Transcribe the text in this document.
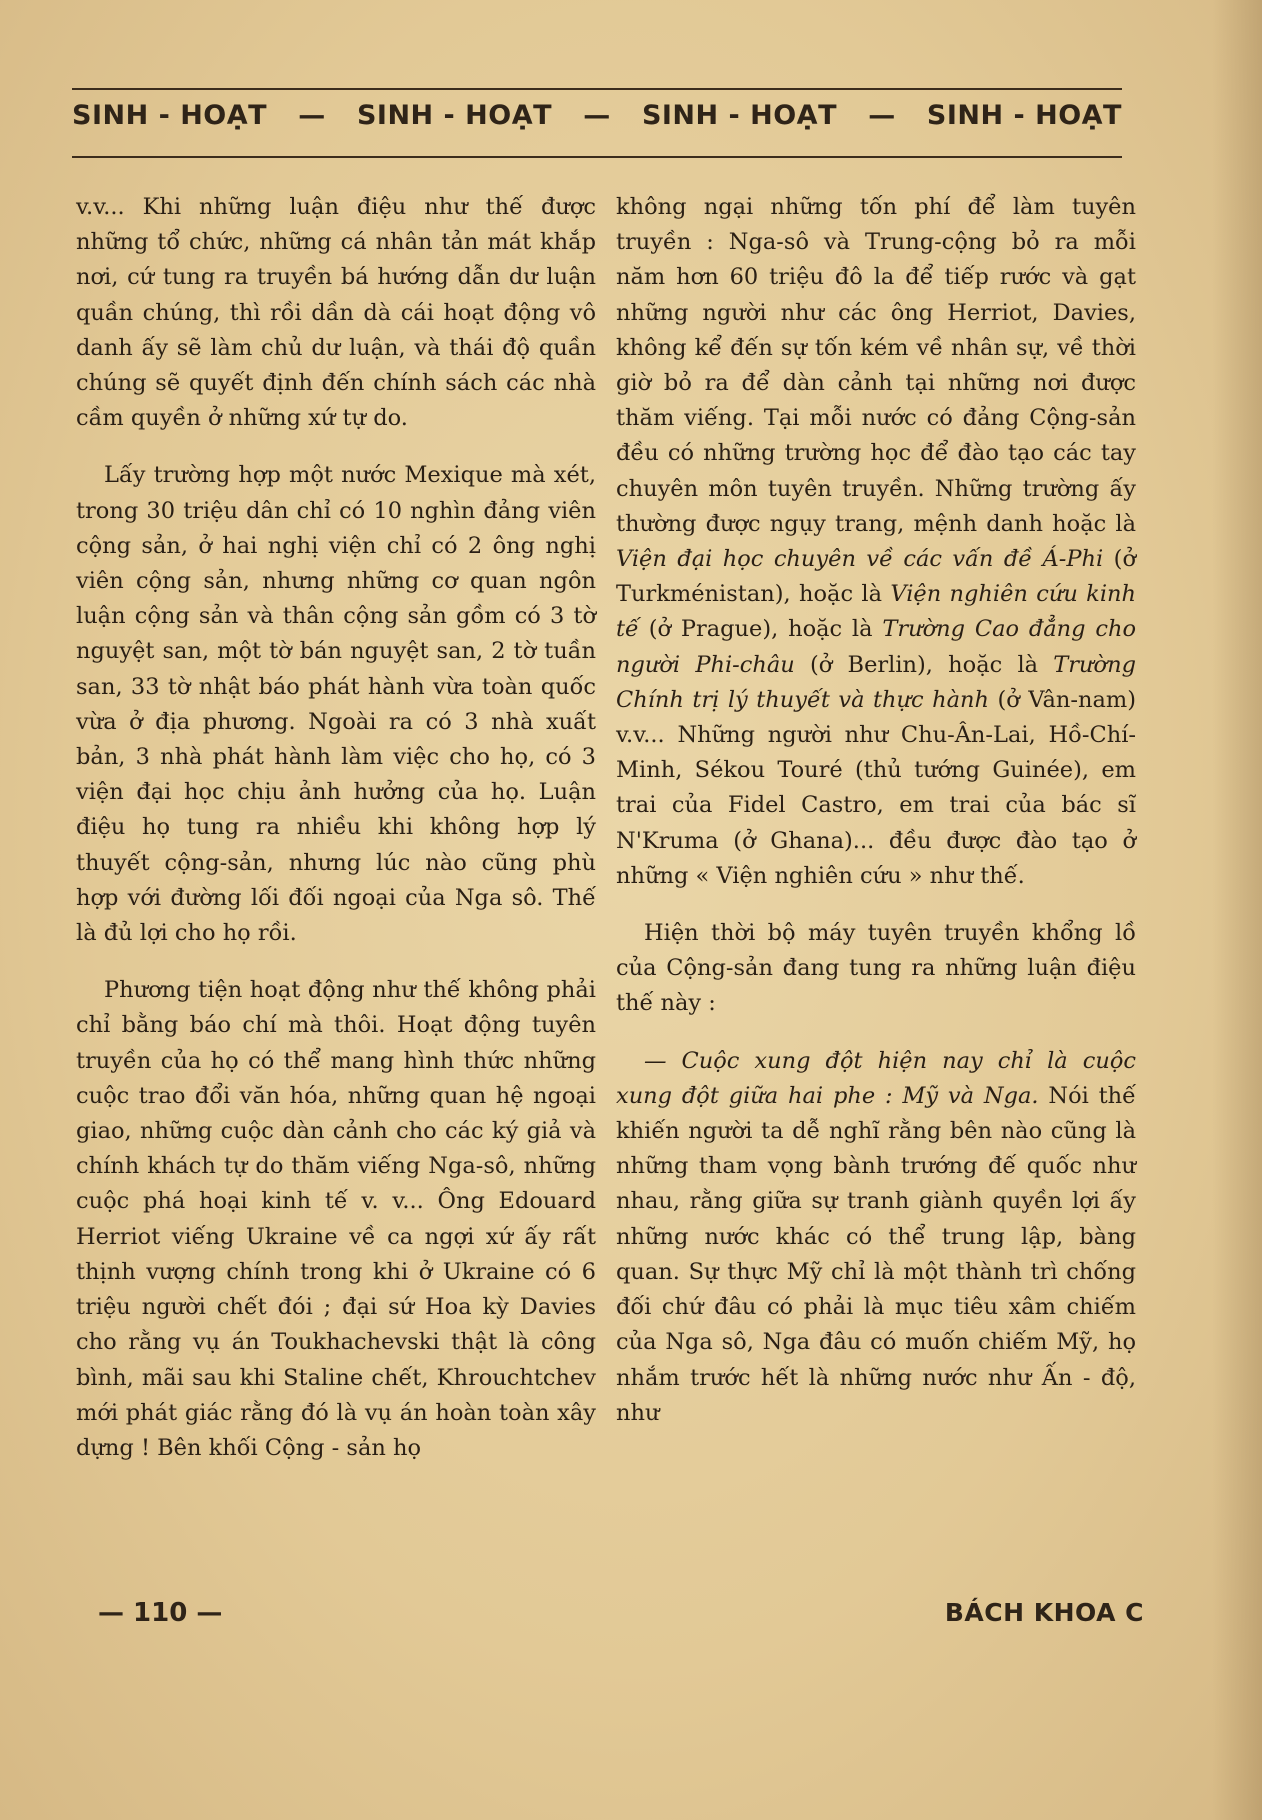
SINH - HOẠT — SINH - HOẠT — SINH - HOẠT — SINH - HOẠT

v.v... Khi những luận điệu như thế được những tổ chức, những cá nhân tản mát khắp nơi, cứ tung ra truyền bá hướng dẫn dư luận quần chúng, thì rồi dần dà cái hoạt động vô danh ấy sẽ làm chủ dư luận, và thái độ quần chúng sẽ quyết định đến chính sách các nhà cầm quyền ở những xứ tự do.

Lấy trường hợp một nước Mexique mà xét, trong 30 triệu dân chỉ có 10 nghìn đảng viên cộng sản, ở hai nghị viện chỉ có 2 ông nghị viên cộng sản, nhưng những cơ quan ngôn luận cộng sản và thân cộng sản gồm có 3 tờ nguyệt san, một tờ bán nguyệt san, 2 tờ tuần san, 33 tờ nhật báo phát hành vừa toàn quốc vừa ở địa phương. Ngoài ra có 3 nhà xuất bản, 3 nhà phát hành làm việc cho họ, có 3 viện đại học chịu ảnh hưởng của họ. Luận điệu họ tung ra nhiều khi không hợp lý thuyết cộng-sản, nhưng lúc nào cũng phù hợp với đường lối đối ngoại của Nga sô. Thế là đủ lợi cho họ rồi.

Phương tiện hoạt động như thế không phải chỉ bằng báo chí mà thôi. Hoạt động tuyên truyền của họ có thể mang hình thức những cuộc trao đổi văn hóa, những quan hệ ngoại giao, những cuộc dàn cảnh cho các ký giả và chính khách tự do thăm viếng Nga-sô, những cuộc phá hoại kinh tế v. v... Ông Edouard Herriot viếng Ukraine về ca ngợi xứ ấy rất thịnh vượng chính trong khi ở Ukraine có 6 triệu người chết đói ; đại sứ Hoa kỳ Davies cho rằng vụ án Toukhachevski thật là công bình, mãi sau khi Staline chết, Khrouchtchev mới phát giác rằng đó là vụ án hoàn toàn xây dựng ! Bên khối Cộng - sản họ

không ngại những tốn phí để làm tuyên truyền : Nga-sô và Trung-cộng bỏ ra mỗi năm hơn 60 triệu đô la để tiếp rước và gạt những người như các ông Herriot, Davies, không kể đến sự tốn kém về nhân sự, về thời giờ bỏ ra để dàn cảnh tại những nơi được thăm viếng. Tại mỗi nước có đảng Cộng-sản đều có những trường học để đào tạo các tay chuyên môn tuyên truyền. Những trường ấy thường được ngụy trang, mệnh danh hoặc là Viện đại học chuyên về các vấn đề Á-Phi (ở Turkménistan), hoặc là Viện nghiên cứu kinh tế (ở Prague), hoặc là Trường Cao đẳng cho người Phi-châu (ở Berlin), hoặc là Trường Chính trị lý thuyết và thực hành (ở Vân-nam) v.v... Những người như Chu-Ân-Lai, Hồ-Chí-Minh, Sékou Touré (thủ tướng Guinée), em trai của Fidel Castro, em trai của bác sĩ N'Kruma (ở Ghana)... đều được đào tạo ở những « Viện nghiên cứu » như thế.

Hiện thời bộ máy tuyên truyền khổng lồ của Cộng-sản đang tung ra những luận điệu thế này :

— Cuộc xung đột hiện nay chỉ là cuộc xung đột giữa hai phe : Mỹ và Nga. Nói thế khiến người ta dễ nghĩ rằng bên nào cũng là những tham vọng bành trướng đế quốc như nhau, rằng giữa sự tranh giành quyền lợi ấy những nước khác có thể trung lập, bàng quan. Sự thực Mỹ chỉ là một thành trì chống đối chứ đâu có phải là mục tiêu xâm chiếm của Nga sô, Nga đâu có muốn chiếm Mỹ, họ nhắm trước hết là những nước như Ấn - độ, như

— 110 —	BÁCH KHOA C
